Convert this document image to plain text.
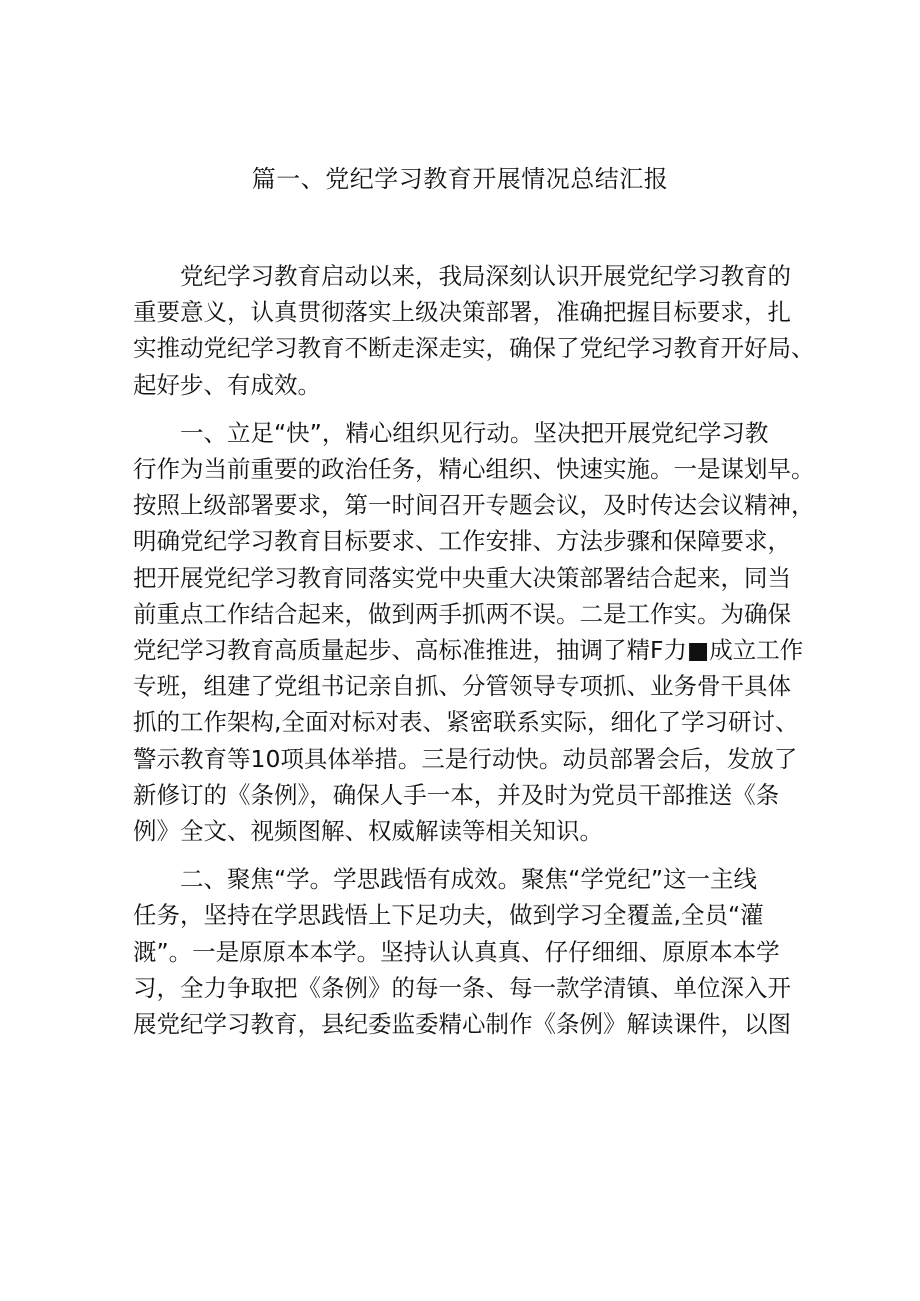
篇一、党纪学习教育开展情况总结汇报

党纪学习教育启动以来，我局深刻认识开展党纪学习教育的
重要意义，认真贯彻落实上级决策部署，准确把握目标要求，扎
实推动党纪学习教育不断走深走实，确保了党纪学习教育开好局、
起好步、有成效。

一、立足“快”，精心组织见行动。坚决把开展党纪学习教
行作为当前重要的政治任务，精心组织、快速实施。一是谋划早。
按照上级部署要求，第一时间召开专题会议，及时传达会议精神，
明确党纪学习教育目标要求、工作安排、方法步骤和保障要求，
把开展党纪学习教育同落实党中央重大决策部署结合起来，同当
前重点工作结合起来，做到两手抓两不误。二是工作实。为确保
党纪学习教育高质量起步、高标准推进，抽调了精F力■成立工作
专班，组建了党组书记亲自抓、分管领导专项抓、业务骨干具体
抓的工作架构,全面对标对表、紧密联系实际，细化了学习研讨、
警示教育等10项具体举措。三是行动快。动员部署会后，发放了
新修订的《条例》，确保人手一本，并及时为党员干部推送《条
例》全文、视频图解、权威解读等相关知识。

二、聚焦“学。学思践悟有成效。聚焦“学党纪”这一主线
任务，坚持在学思践悟上下足功夫，做到学习全覆盖,全员“灌
溉”。一是原原本本学。坚持认认真真、仔仔细细、原原本本学
习，全力争取把《条例》的每一条、每一款学清镇、单位深入开
展党纪学习教育，县纪委监委精心制作《条例》解读课件，以图
